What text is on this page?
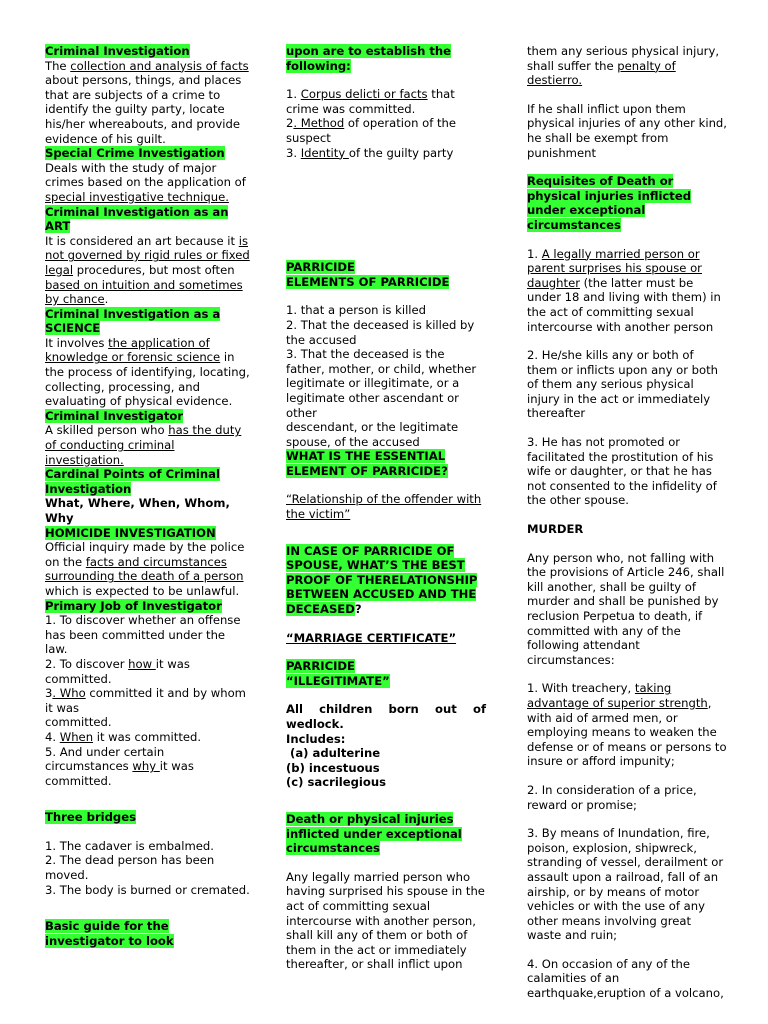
Criminal Investigation

The collection and analysis of facts about persons, things, and places that are subjects of a crime to identify the guilty party, locate his/her whereabouts, and provide evidence of his guilt.

Special Crime Investigation

Deals with the study of major crimes based on the application of special investigative technique.

Criminal Investigation as an ART

It is considered an art because it is not governed by rigid rules or fixed legal procedures, but most often based on intuition and sometimes by chance.

Criminal Investigation as a SCIENCE

It involves the application of knowledge or forensic science in the process of identifying, locating, collecting, processing, and evaluating of physical evidence.

Criminal Investigator

A skilled person who has the duty of conducting criminal investigation.

Cardinal Points of Criminal Investigation

What, Where, When, Whom, Why

HOMICIDE INVESTIGATION

Official inquiry made by the police on the facts and circumstances surrounding the death of a person which is expected to be unlawful.

Primary Job of Investigator

1. To discover whether an offense has been committed under the law.

2. To discover how it was committed.

3. Who committed it and by whom it was

committed.

4. When it was committed.

5. And under certain circumstances why it was committed.

Three bridges

1. The cadaver is embalmed.

2. The dead person has been moved.

3. The body is burned or cremated.

Basic guide for the investigator to look

upon are to establish the following:

1. Corpus delicti or facts that crime was committed.

2. Method of operation of the suspect

3. Identity of the guilty party

PARRICIDE

ELEMENTS OF PARRICIDE

1. that a person is killed

2. That the deceased is killed by the accused

3. That the deceased is the father, mother, or child, whether legitimate or illegitimate, or a legitimate other ascendant or other

descendant, or the legitimate spouse, of the accused

WHAT IS THE ESSENTIAL ELEMENT OF PARRICIDE?

“Relationship of the offender with the victim”

IN CASE OF PARRICIDE OF SPOUSE, WHAT’S THE BEST PROOF OF THERELATIONSHIP BETWEEN ACCUSED AND THE DECEASED?

“MARRIAGE CERTIFICATE”

PARRICIDE

“ILLEGITIMATE”

All children born out of

wedlock.

Includes:

(a) adulterine

(b) incestuous

(c) sacrilegious

Death or physical injuries inflicted under exceptional circumstances

Any legally married person who having surprised his spouse in the act of committing sexual intercourse with another person, shall kill any of them or both of them in the act or immediately thereafter, or shall inflict upon

them any serious physical injury, shall suffer the penalty of destierro.

If he shall inflict upon them physical injuries of any other kind, he shall be exempt from punishment

Requisites of Death or physical injuries inflicted under exceptional circumstances

1. A legally married person or parent surprises his spouse or daughter (the latter must be under 18 and living with them) in the act of committing sexual intercourse with another person

2. He/she kills any or both of them or inflicts upon any or both of them any serious physical injury in the act or immediately thereafter

3. He has not promoted or facilitated the prostitution of his wife or daughter, or that he has not consented to the infidelity of the other spouse.

MURDER

Any person who, not falling with the provisions of Article 246, shall kill another, shall be guilty of murder and shall be punished by reclusion Perpetua to death, if committed with any of the following attendant circumstances:

1. With treachery, taking advantage of superior strength, with aid of armed men, or employing means to weaken the defense or of means or persons to insure or afford impunity;

2. In consideration of a price, reward or promise;

3. By means of Inundation, fire, poison, explosion, shipwreck, stranding of vessel, derailment or assault upon a railroad, fall of an airship, or by means of motor vehicles or with the use of any other means involving great waste and ruin;

4. On occasion of any of the calamities of an earthquake,eruption of a volcano,
